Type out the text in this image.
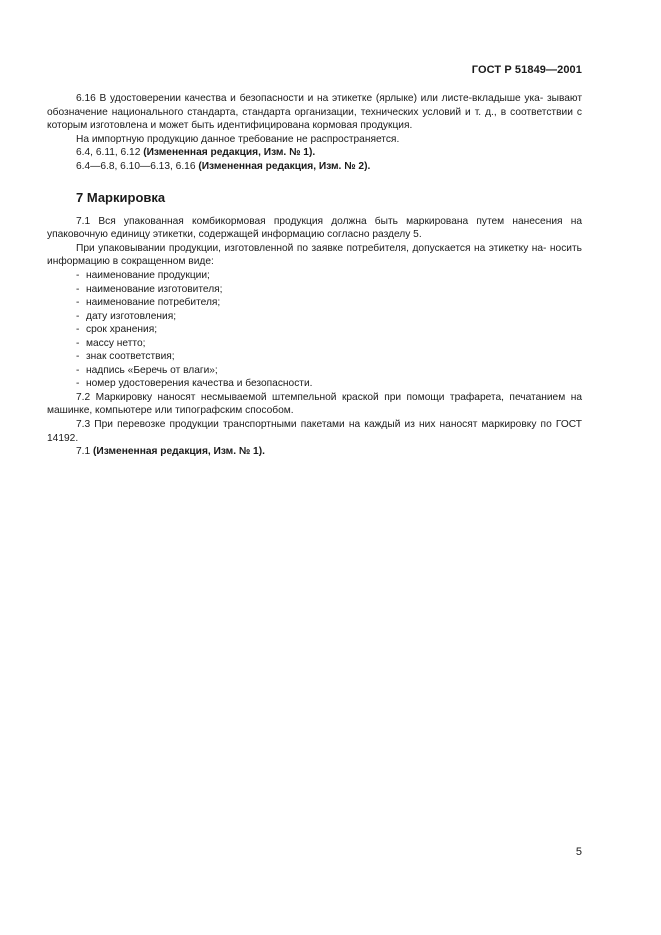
ГОСТ Р 51849—2001

6.16 В удостоверении качества и безопасности и на этикетке (ярлыке) или листе-вкладыше ука- зывают обозначение национального стандарта, стандарта организации, технических условий и т. д., в соответствии с которым изготовлена и может быть идентифицирована кормовая продукция.

На импортную продукцию данное требование не распространяется.

6.4, 6.11, 6.12 (Измененная редакция, Изм. № 1).

6.4—6.8, 6.10—6.13, 6.16 (Измененная редакция, Изм. № 2).

7 Маркировка

7.1 Вся упакованная комбикормовая продукция должна быть маркирована путем нанесения на упаковочную единицу этикетки, содержащей информацию согласно разделу 5.

При упаковывании продукции, изготовленной по заявке потребителя, допускается на этикетку на- носить информацию в сокращенном виде:

- наименование продукции;
- наименование изготовителя;
- наименование потребителя;
- дату изготовления;
- срок хранения;
- массу нетто;
- знак соответствия;
- надпись «Беречь от влаги»;
- номер удостоверения качества и безопасности.

7.2 Маркировку наносят несмываемой штемпельной краской при помощи трафарета, печатанием на машинке, компьютере или типографским способом.

7.3 При перевозке продукции транспортными пакетами на каждый из них наносят маркировку по ГОСТ 14192.

7.1 (Измененная редакция, Изм. № 1).

5
